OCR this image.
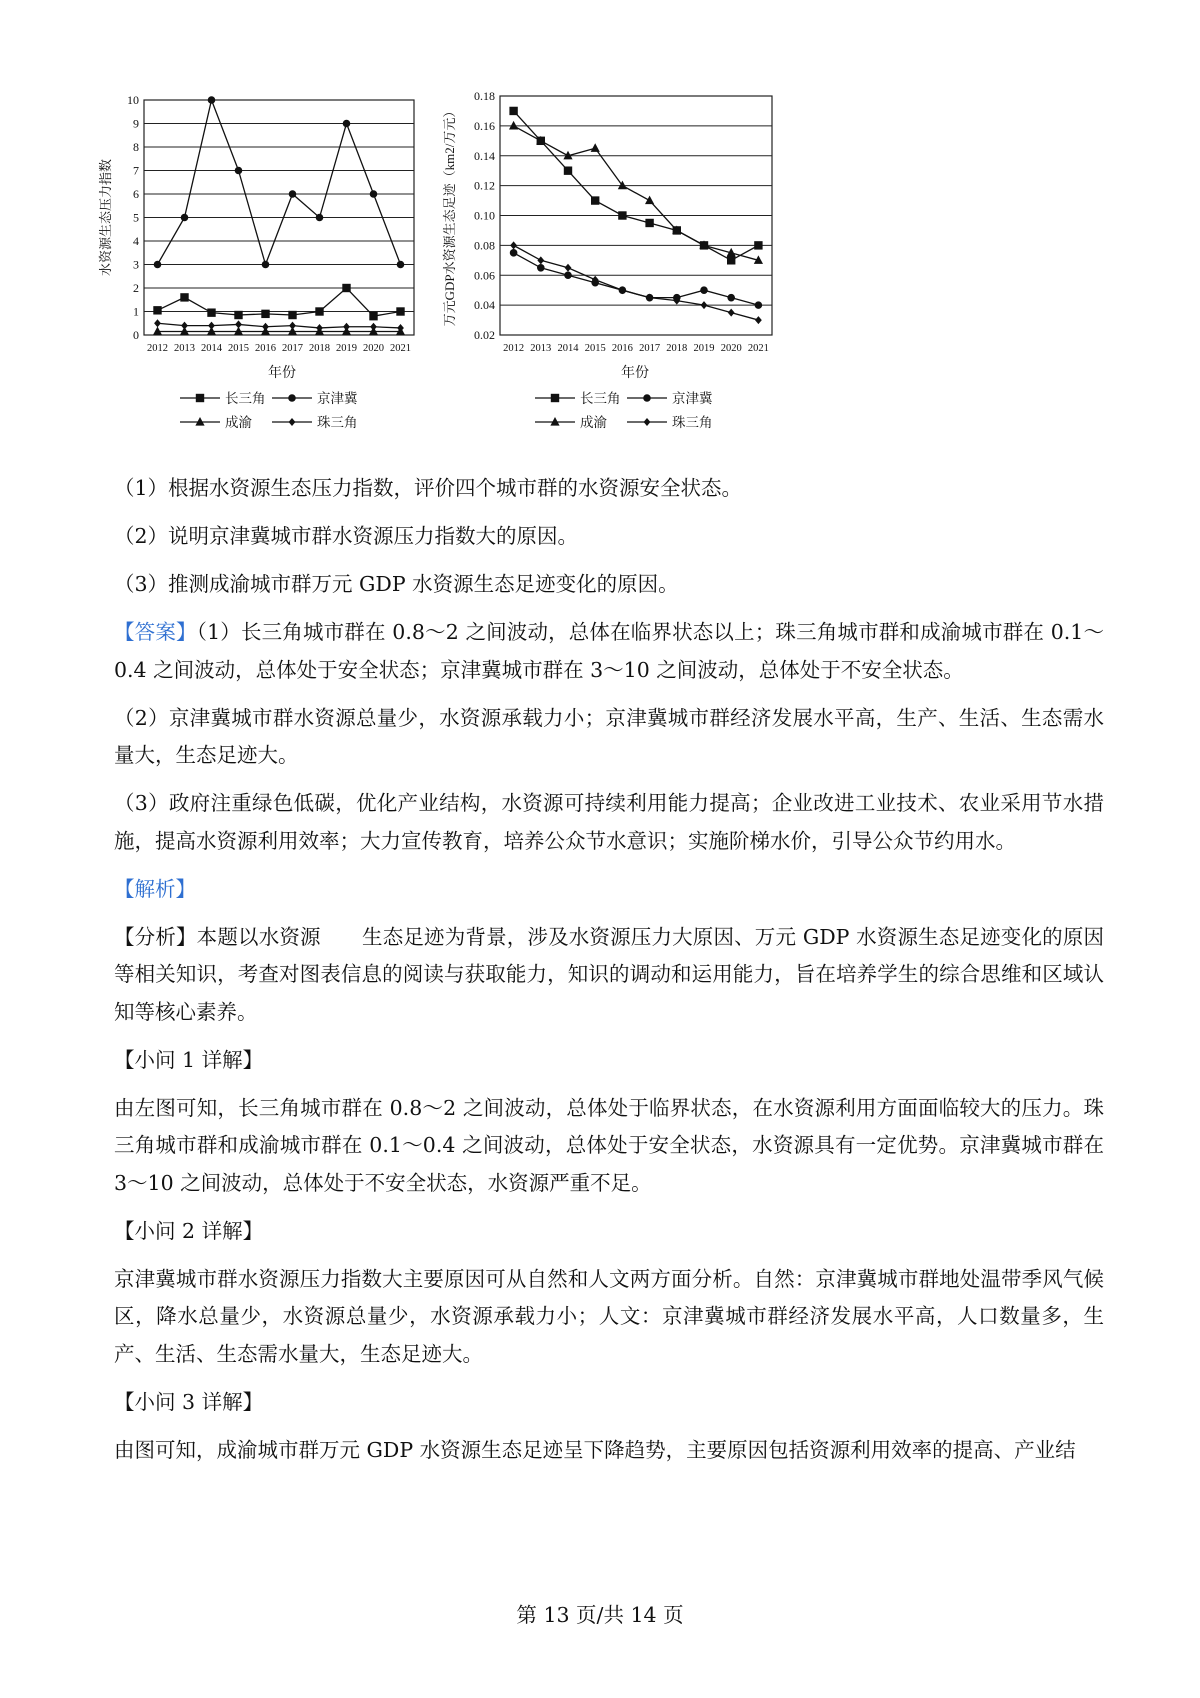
0
1
2
3
4
5
6
7
8
9
10
2012 2013 2014 2015 2016 2017 2018 2019 2020 2021
年份
水资源生态压力指数
长三角	京津冀
成渝	珠三角
0.02
0.04
0.06
0.08
0.10
0.12
0.14
0.16
0.18
2012 2013 2014 2015 2016 2017 2018 2019 2020 2021
年份
万元GDP水资源生态足迹（km2/万元）
长三角	京津冀
成渝	珠三角

（1）根据水资源生态压力指数，评价四个城市群的水资源安全状态。

（2）说明京津冀城市群水资源压力指数大的原因。

（3）推测成渝城市群万元 GDP 水资源生态足迹变化的原因。

【答案】（1）长三角城市群在 0.8～2 之间波动，总体在临界状态以上；珠三角城市群和成渝城市群在 0.1～0.4 之间波动，总体处于安全状态；京津冀城市群在 3～10 之间波动，总体处于不安全状态。

（2）京津冀城市群水资源总量少，水资源承载力小；京津冀城市群经济发展水平高，生产、生活、生态需水量大，生态足迹大。

（3）政府注重绿色低碳，优化产业结构，水资源可持续利用能力提高；企业改进工业技术、农业采用节水措施，提高水资源利用效率；大力宣传教育，培养公众节水意识；实施阶梯水价，引导公众节约用水。

【解析】

【分析】本题以水资源　　生态足迹为背景，涉及水资源压力大原因、万元 GDP 水资源生态足迹变化的原因等相关知识，考查对图表信息的阅读与获取能力，知识的调动和运用能力，旨在培养学生的综合思维和区域认知等核心素养。

【小问 1 详解】

由左图可知，长三角城市群在 0.8～2 之间波动，总体处于临界状态，在水资源利用方面面临较大的压力。珠三角城市群和成渝城市群在 0.1～0.4 之间波动，总体处于安全状态，水资源具有一定优势。京津冀城市群在 3～10 之间波动，总体处于不安全状态，水资源严重不足。

【小问 2 详解】

京津冀城市群水资源压力指数大主要原因可从自然和人文两方面分析。自然：京津冀城市群地处温带季风气候区，降水总量少，水资源总量少，水资源承载力小；人文：京津冀城市群经济发展水平高，人口数量多，生产、生活、生态需水量大，生态足迹大。

【小问 3 详解】

由图可知，成渝城市群万元 GDP 水资源生态足迹呈下降趋势，主要原因包括资源利用效率的提高、产业结

第 13 页/共 14 页
